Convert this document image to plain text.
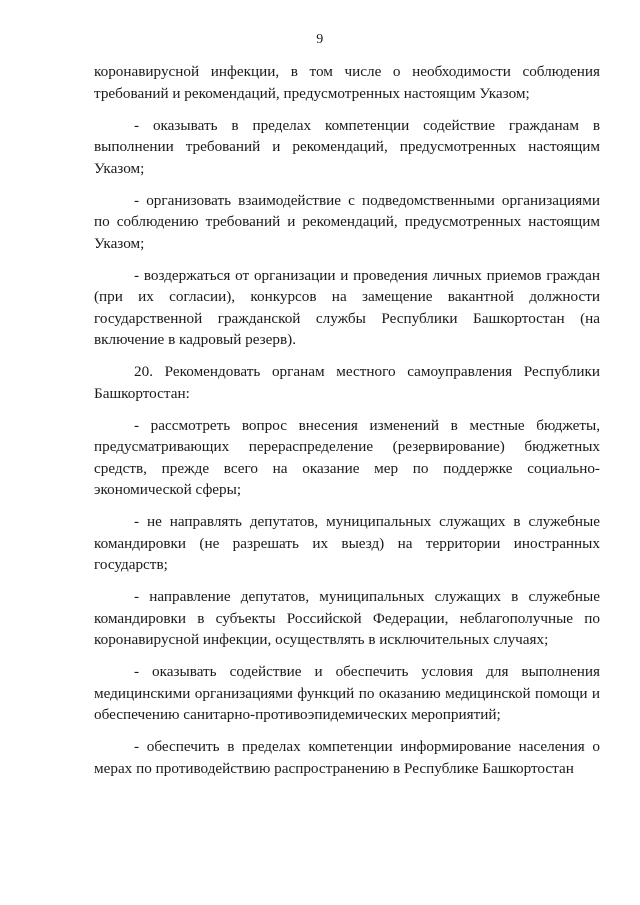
9

коронавирусной инфекции, в том числе о необходимости соблюдения требований и рекомендаций, предусмотренных настоящим Указом;

- оказывать в пределах компетенции содействие гражданам в выполнении требований и рекомендаций, предусмотренных настоящим Указом;

- организовать взаимодействие с подведомственными организациями по соблюдению требований и рекомендаций, предусмотренных настоящим Указом;

- воздержаться от организации и проведения личных приемов граждан (при их согласии), конкурсов на замещение вакантной должности государственной гражданской службы Республики Башкортостан (на включение в кадровый резерв).

20. Рекомендовать органам местного самоуправления Республики Башкортостан:

- рассмотреть вопрос внесения изменений в местные бюджеты, предусматривающих перераспределение (резервирование) бюджетных средств, прежде всего на оказание мер по поддержке социально-экономической сферы;

- не направлять депутатов, муниципальных служащих в служебные командировки (не разрешать их выезд) на территории иностранных государств;

- направление депутатов, муниципальных служащих в служебные командировки в субъекты Российской Федерации, неблагополучные по коронавирусной инфекции, осуществлять в исключительных случаях;

- оказывать содействие и обеспечить условия для выполнения медицинскими организациями функций по оказанию медицинской помощи и обеспечению санитарно-противоэпидемических мероприятий;

- обеспечить в пределах компетенции информирование населения о мерах по противодействию распространению в Республике Башкортостан
